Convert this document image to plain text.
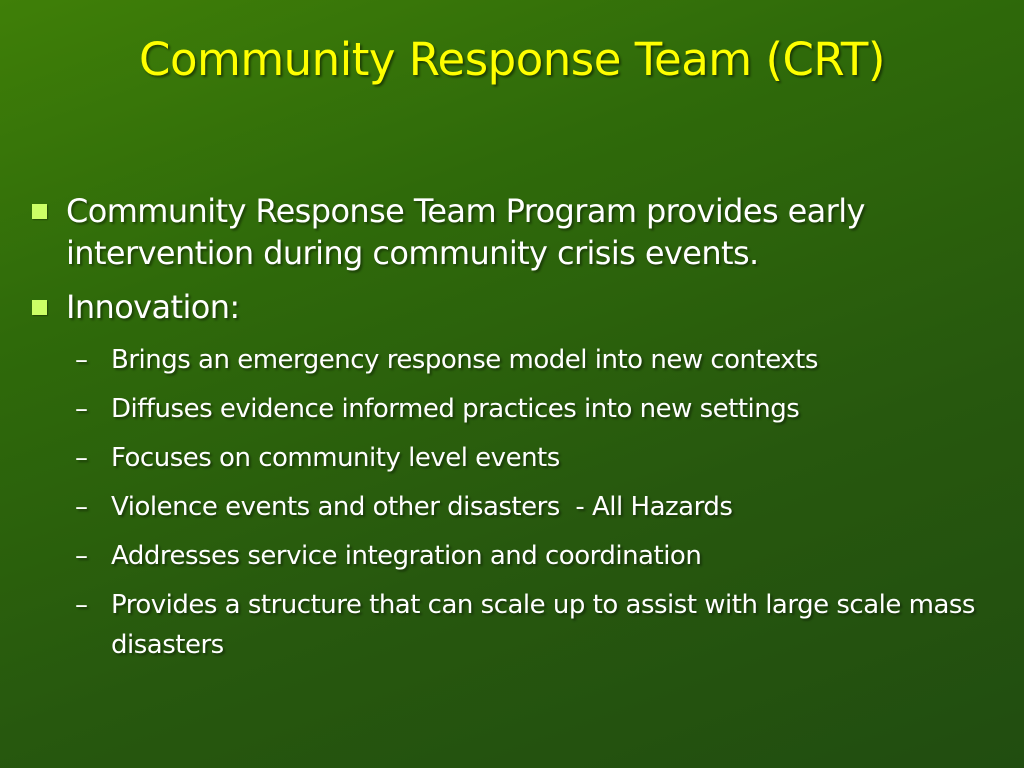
Community Response Team (CRT)
Community Response Team Program provides early intervention during community crisis events.
Innovation:
– Brings an emergency response model into new contexts
– Diffuses evidence informed practices into new settings
– Focuses on community level events
– Violence events and other disasters  - All Hazards
– Addresses service integration and coordination
– Provides a structure that can scale up to assist with large scale mass disasters
